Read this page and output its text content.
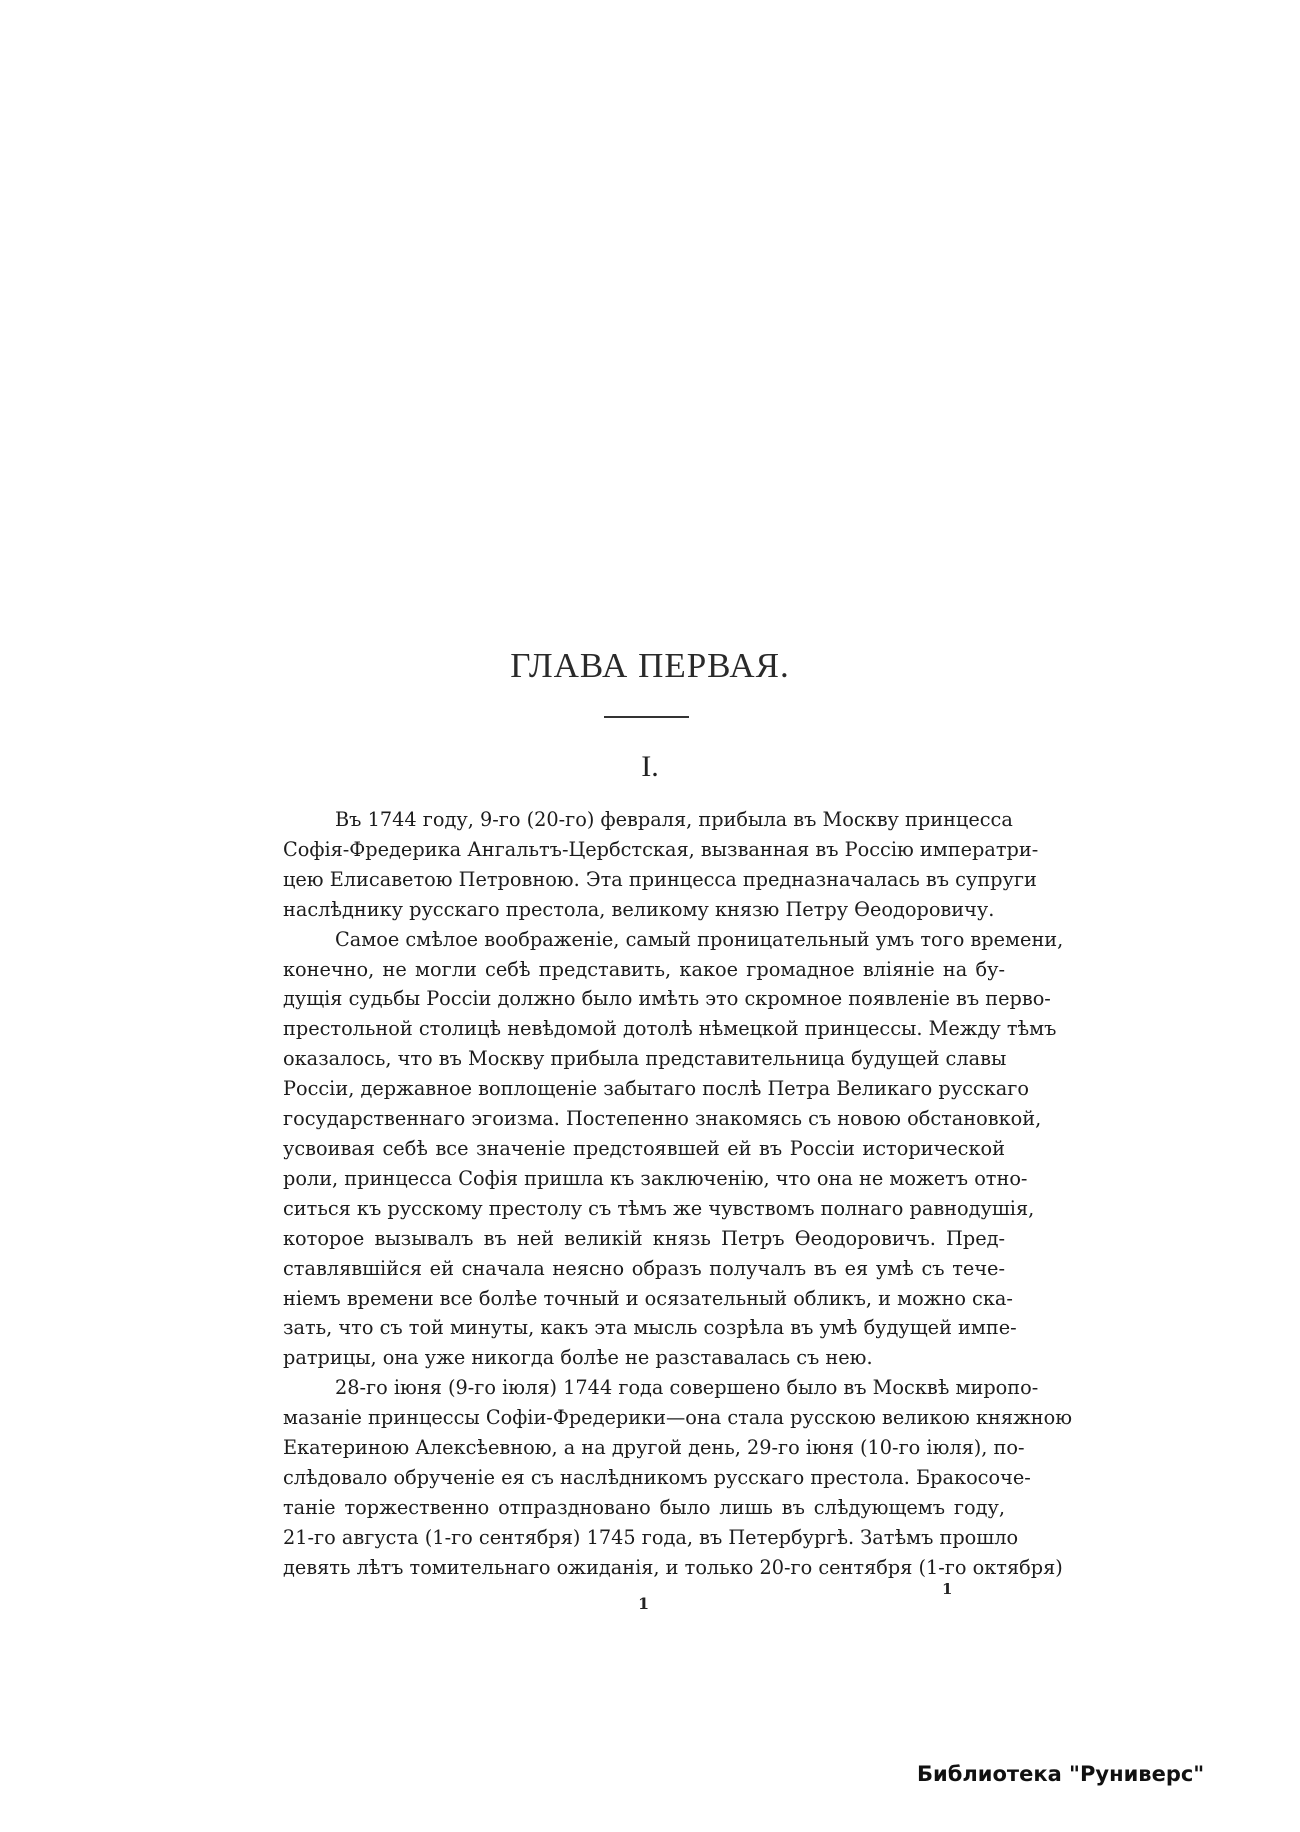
ГЛАВА ПЕРВАЯ.
I.
Въ 1744 году, 9-го (20-го) февраля, прибыла въ Москву принцесса
Софія-Фредерика Ангальтъ-Цербстская, вызванная въ Россію императри-
цею Елисаветою Петровною. Эта принцесса предназначалась въ супруги
наслѣднику русскаго престола, великому князю Петру Ѳеодоровичу.
Самое смѣлое воображеніе, самый проницательный умъ того времени,
конечно, не могли себѣ представить, какое громадное вліяніе на бу-
дущія судьбы Россіи должно было имѣть это скромное появленіе въ перво-
престольной столицѣ невѣдомой дотолѣ нѣмецкой принцессы. Между тѣмъ
оказалось, что въ Москву прибыла представительница будущей славы
Россіи, державное воплощеніе забытаго послѣ Петра Великаго русскаго
государственнаго эгоизма. Постепенно знакомясь съ новою обстановкой,
усвоивая себѣ все значеніе предстоявшей ей въ Россіи исторической
роли, принцесса Софія пришла къ заключенію, что она не можетъ отно-
ситься къ русскому престолу съ тѣмъ же чувствомъ полнаго равнодушія,
которое вызывалъ въ ней великій князь Петръ Ѳеодоровичъ. Пред-
ставлявшійся ей сначала неясно образъ получалъ въ ея умѣ съ тече-
ніемъ времени все болѣе точный и осязательный обликъ, и можно ска-
зать, что съ той минуты, какъ эта мысль созрѣла въ умѣ будущей импе-
ратрицы, она уже никогда болѣе не разставалась съ нею.
28-го іюня (9-го іюля) 1744 года совершено было въ Москвѣ миропо-
мазаніе принцессы Софіи-Фредерики—она стала русскою великою княжною
Екатериною Алексѣевною, а на другой день, 29-го іюня (10-го іюля), по-
слѣдовало обрученіе ея съ наслѣдникомъ русскаго престола. Бракосоче-
таніе торжественно отпраздновано было лишь въ слѣдующемъ году,
21-го августа (1-го сентября) 1745 года, въ Петербургѣ. Затѣмъ прошло
девять лѣтъ томительнаго ожиданія, и только 20-го сентября (1-го октября)
1
1
Библиотека "Руниверс"
